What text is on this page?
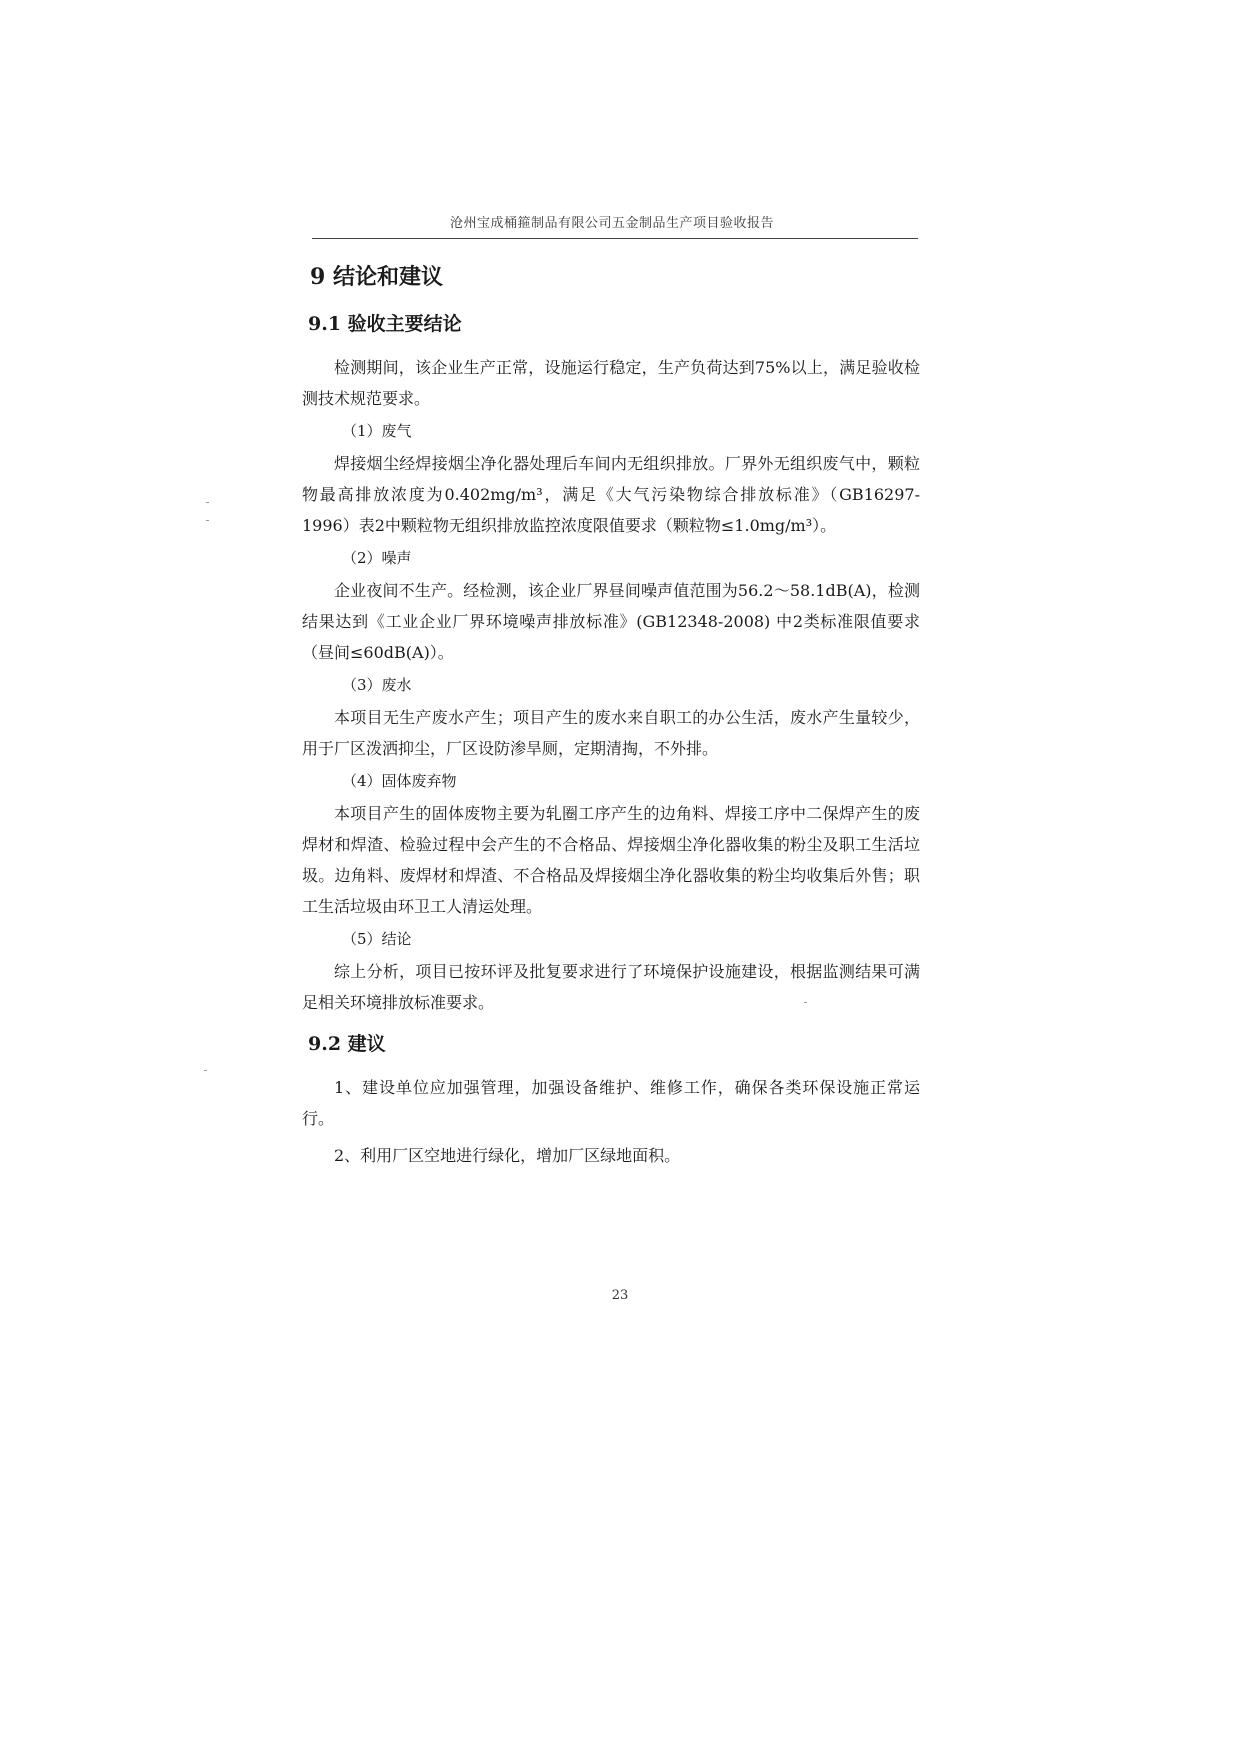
沧州宝成桶箍制品有限公司五金制品生产项目验收报告
9 结论和建议
9.1 验收主要结论

检测期间，该企业生产正常，设施运行稳定，生产负荷达到75%以上，满足验收检测技术规范要求。

（1）废气

焊接烟尘经焊接烟尘净化器处理后车间内无组织排放。厂界外无组织废气中，颗粒物最高排放浓度为0.402mg/m³，满足《大气污染物综合排放标准》（GB16297-1996）表2中颗粒物无组织排放监控浓度限值要求（颗粒物≤1.0mg/m³）。

（2）噪声

企业夜间不生产。经检测，该企业厂界昼间噪声值范围为56.2～58.1dB(A)，检测结果达到《工业企业厂界环境噪声排放标准》(GB12348-2008) 中2类标准限值要求（昼间≤60dB(A)）。

（3）废水

本项目无生产废水产生；项目产生的废水来自职工的办公生活，废水产生量较少，用于厂区泼洒抑尘，厂区设防渗旱厕，定期清掏，不外排。

（4）固体废弃物

本项目产生的固体废物主要为轧圈工序产生的边角料、焊接工序中二保焊产生的废焊材和焊渣、检验过程中会产生的不合格品、焊接烟尘净化器收集的粉尘及职工生活垃圾。边角料、废焊材和焊渣、不合格品及焊接烟尘净化器收集的粉尘均收集后外售；职工生活垃圾由环卫工人清运处理。

（5）结论

综上分析，项目已按环评及批复要求进行了环境保护设施建设，根据监测结果可满足相关环境排放标准要求。

9.2 建议

1、建设单位应加强管理，加强设备维护、维修工作，确保各类环保设施正常运行。

2、利用厂区空地进行绿化，增加厂区绿地面积。

23
